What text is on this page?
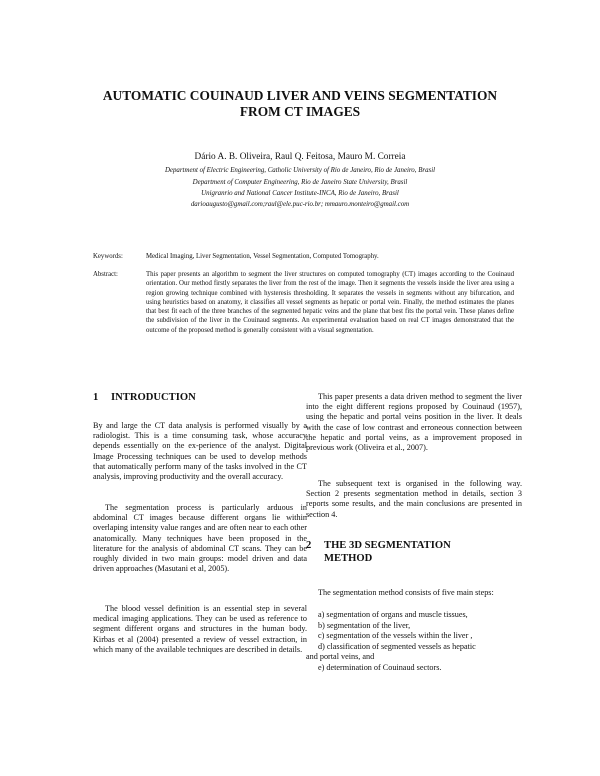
AUTOMATIC COUINAUD LIVER AND VEINS SEGMENTATION
FROM CT IMAGES
Dário A. B. Oliveira, Raul Q. Feitosa, Mauro M. Correia
Department of Electric Engineering, Catholic University of Rio de Janeiro, Rio de Janeiro, Brasil
Department of Computer Engineering, Rio de Janeiro State University, Brasil
Unigranrio and National Cancer Institute-INCA, Rio de Janeiro, Brasil
darioaugusto@gmail.com;raul@ele.puc-rio.br; mmauro.monteiro@gmail.com
Keywords:	Medical Imaging, Liver Segmentation, Vessel Segmentation, Computed Tomography.
Abstract:	This paper presents an algorithm to segment the liver structures on computed tomography (CT) images according to the Couinaud orientation. Our method firstly separates the liver from the rest of the image. Then it segments the vessels inside the liver area using a region growing technique combined with hysteresis thresholding. It separates the vessels in segments without any bifurcation, and using heuristics based on anatomy, it classifies all vessel segments as hepatic or portal vein. Finally, the method estimates the planes that best fit each of the three branches of the segmented hepatic veins and the plane that best fits the portal vein. These planes define the subdivision of the liver in the Couinaud segments. An experimental evaluation based on real CT images demonstrated that the outcome of the proposed method is generally consistent with a visual segmentation.
1 INTRODUCTION

By and large the CT data analysis is performed visually by a radiologist. This is a time consuming task, whose accuracy depends essentially on the ex-perience of the analyst. Digital Image Processing techniques can be used to develop methods that automatically perform many of the tasks involved in the CT analysis, improving productivity and the overall accuracy.

The segmentation process is particularly arduous in abdominal CT images because different organs lie within overlaping intensity value ranges and are often near to each other anatomically. Many techniques have been proposed in the literature for the analysis of abdominal CT scans. They can be roughly divided in two main groups: model driven and data driven approaches (Masutani et al, 2005).

The blood vessel definition is an essential step in several medical imaging applications. They can be used as reference to segment different organs and structures in the human body. Kirbas et al (2004) presented a review of vessel extraction, in which many of the available techniques are described in details.

This paper presents a data driven method to segment the liver into the eight different regions proposed by Couinaud (1957), using the hepatic and portal veins position in the liver. It deals with the case of low contrast and erroneous connection between the hepatic and portal veins, as a improvement proposed in previous work (Oliveira et al., 2007).

The subsequent text is organised in the following way. Section 2 presents segmentation method in details, section 3 reports some results, and the main conclusions are presented in section 4.

2 THE 3D SEGMENTATION
METHOD

The segmentation method consists of five main steps:

a) segmentation of organs and muscle tissues,
b) segmentation of the liver,
c) segmentation of the vessels within the liver ,
d) classification of segmented vessels as hepatic
and portal veins, and
e) determination of Couinaud sectors.
